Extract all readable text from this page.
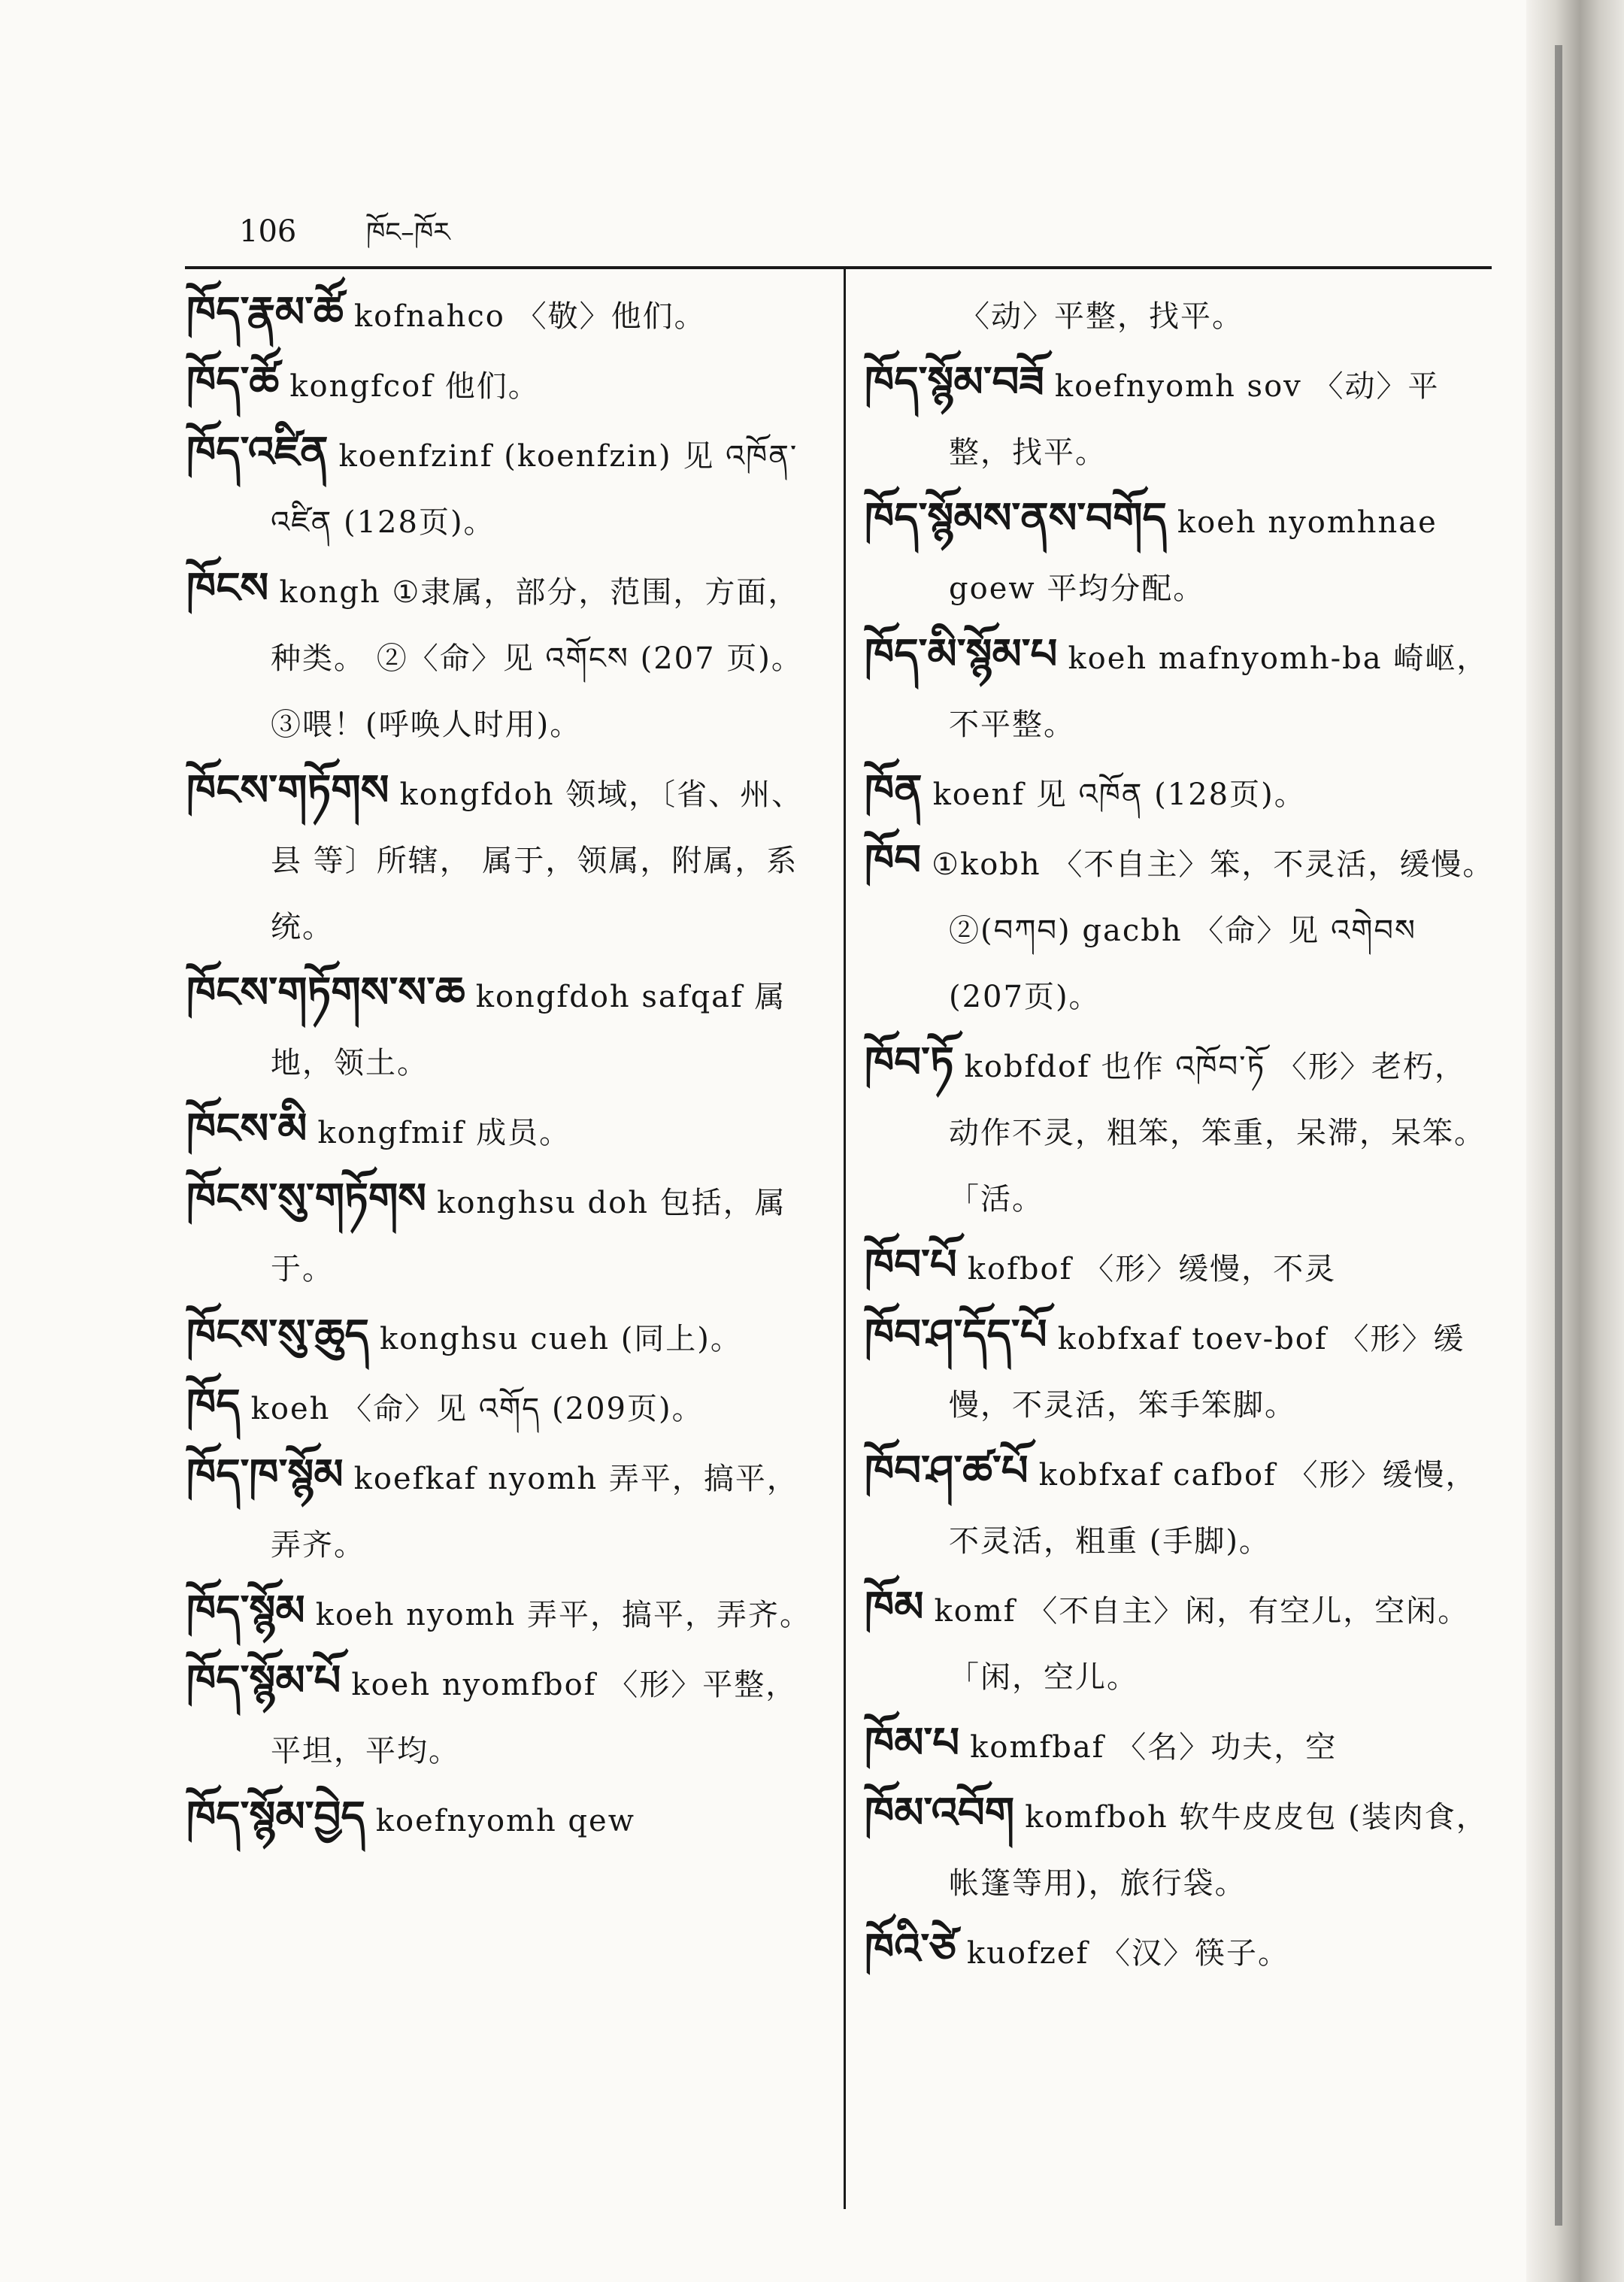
106	ཁོང–ཁོར

ཁོད་རྣམ་ཚོ kofnahco 〈敬〉他们。

ཁོད་ཚོ kongfcof 他们。

ཁོད་འཛིན koenfzinf (koenfzin) 见 འཁོན་འཛིན (128页)。

ཁོངས kongh ①隶属，部分，范围，方面，种类。 ②〈命〉见 འགོངས (207 页)。③喂！(呼唤人时用)。

ཁོངས་གཏོགས kongfdoh 领域，〔省、州、县 等〕所辖， 属于，领属，附属，系统。

ཁོངས་གཏོགས་ས་ཆ kongfdoh safqaf 属地，领土。

ཁོངས་མི kongfmif 成员。

ཁོངས་སུ་གཏོགས konghsu doh 包括，属于。

ཁོངས་སུ་ཆུད konghsu cueh (同上)。

ཁོད koeh 〈命〉见 འགོད (209页)。

ཁོད་ཁ་སྙོམ koefkaf nyomh 弄平，搞平，弄齐。

ཁོད་སྙོམ koeh nyomh 弄平，搞平，弄齐。

ཁོད་སྙོམ་པོ koeh nyomfbof 〈形〉平整，平坦，平均。

ཁོད་སྙོམ་བྱེད koefnyomh qew

〈动〉平整，找平。

ཁོད་སྙོམ་བཟོ koefnyomh sov 〈动〉平整，找平。

ཁོད་སྙོམས་ནས་བགོད koeh nyomhnae goew 平均分配。

ཁོད་མི་སྙོམ་པ koeh mafnyomh-ba 崎岖，不平整。

ཁོན koenf 见 འཁོན (128页)。

ཁོབ ①kobh 〈不自主〉笨，不灵活，缓慢。②(བཀབ) gacbh 〈命〉见 འགེབས (207页)。

ཁོབ་ཏོ kobfdof 也作 འཁོབ་ཏོ 〈形〉老朽，动作不灵，粗笨，笨重，呆滞，呆笨。 「活。

ཁོབ་པོ kofbof 〈形〉缓慢，不灵

ཁོབ་ཤ་དོད་པོ kobfxaf toev-bof 〈形〉缓慢，不灵活，笨手笨脚。

ཁོབ་ཤ་ཚ་པོ kobfxaf cafbof 〈形〉缓慢，不灵活，粗重 (手脚)。

ཁོམ komf 〈不自主〉闲，有空儿，空闲。 「闲，空儿。

ཁོམ་པ komfbaf 〈名〉功夫，空

ཁོམ་འབོག komfboh 软牛皮皮包 (装肉食，帐篷等用)，旅行袋。

ཁོའི་ཙེ kuofzef 〈汉〉筷子。
